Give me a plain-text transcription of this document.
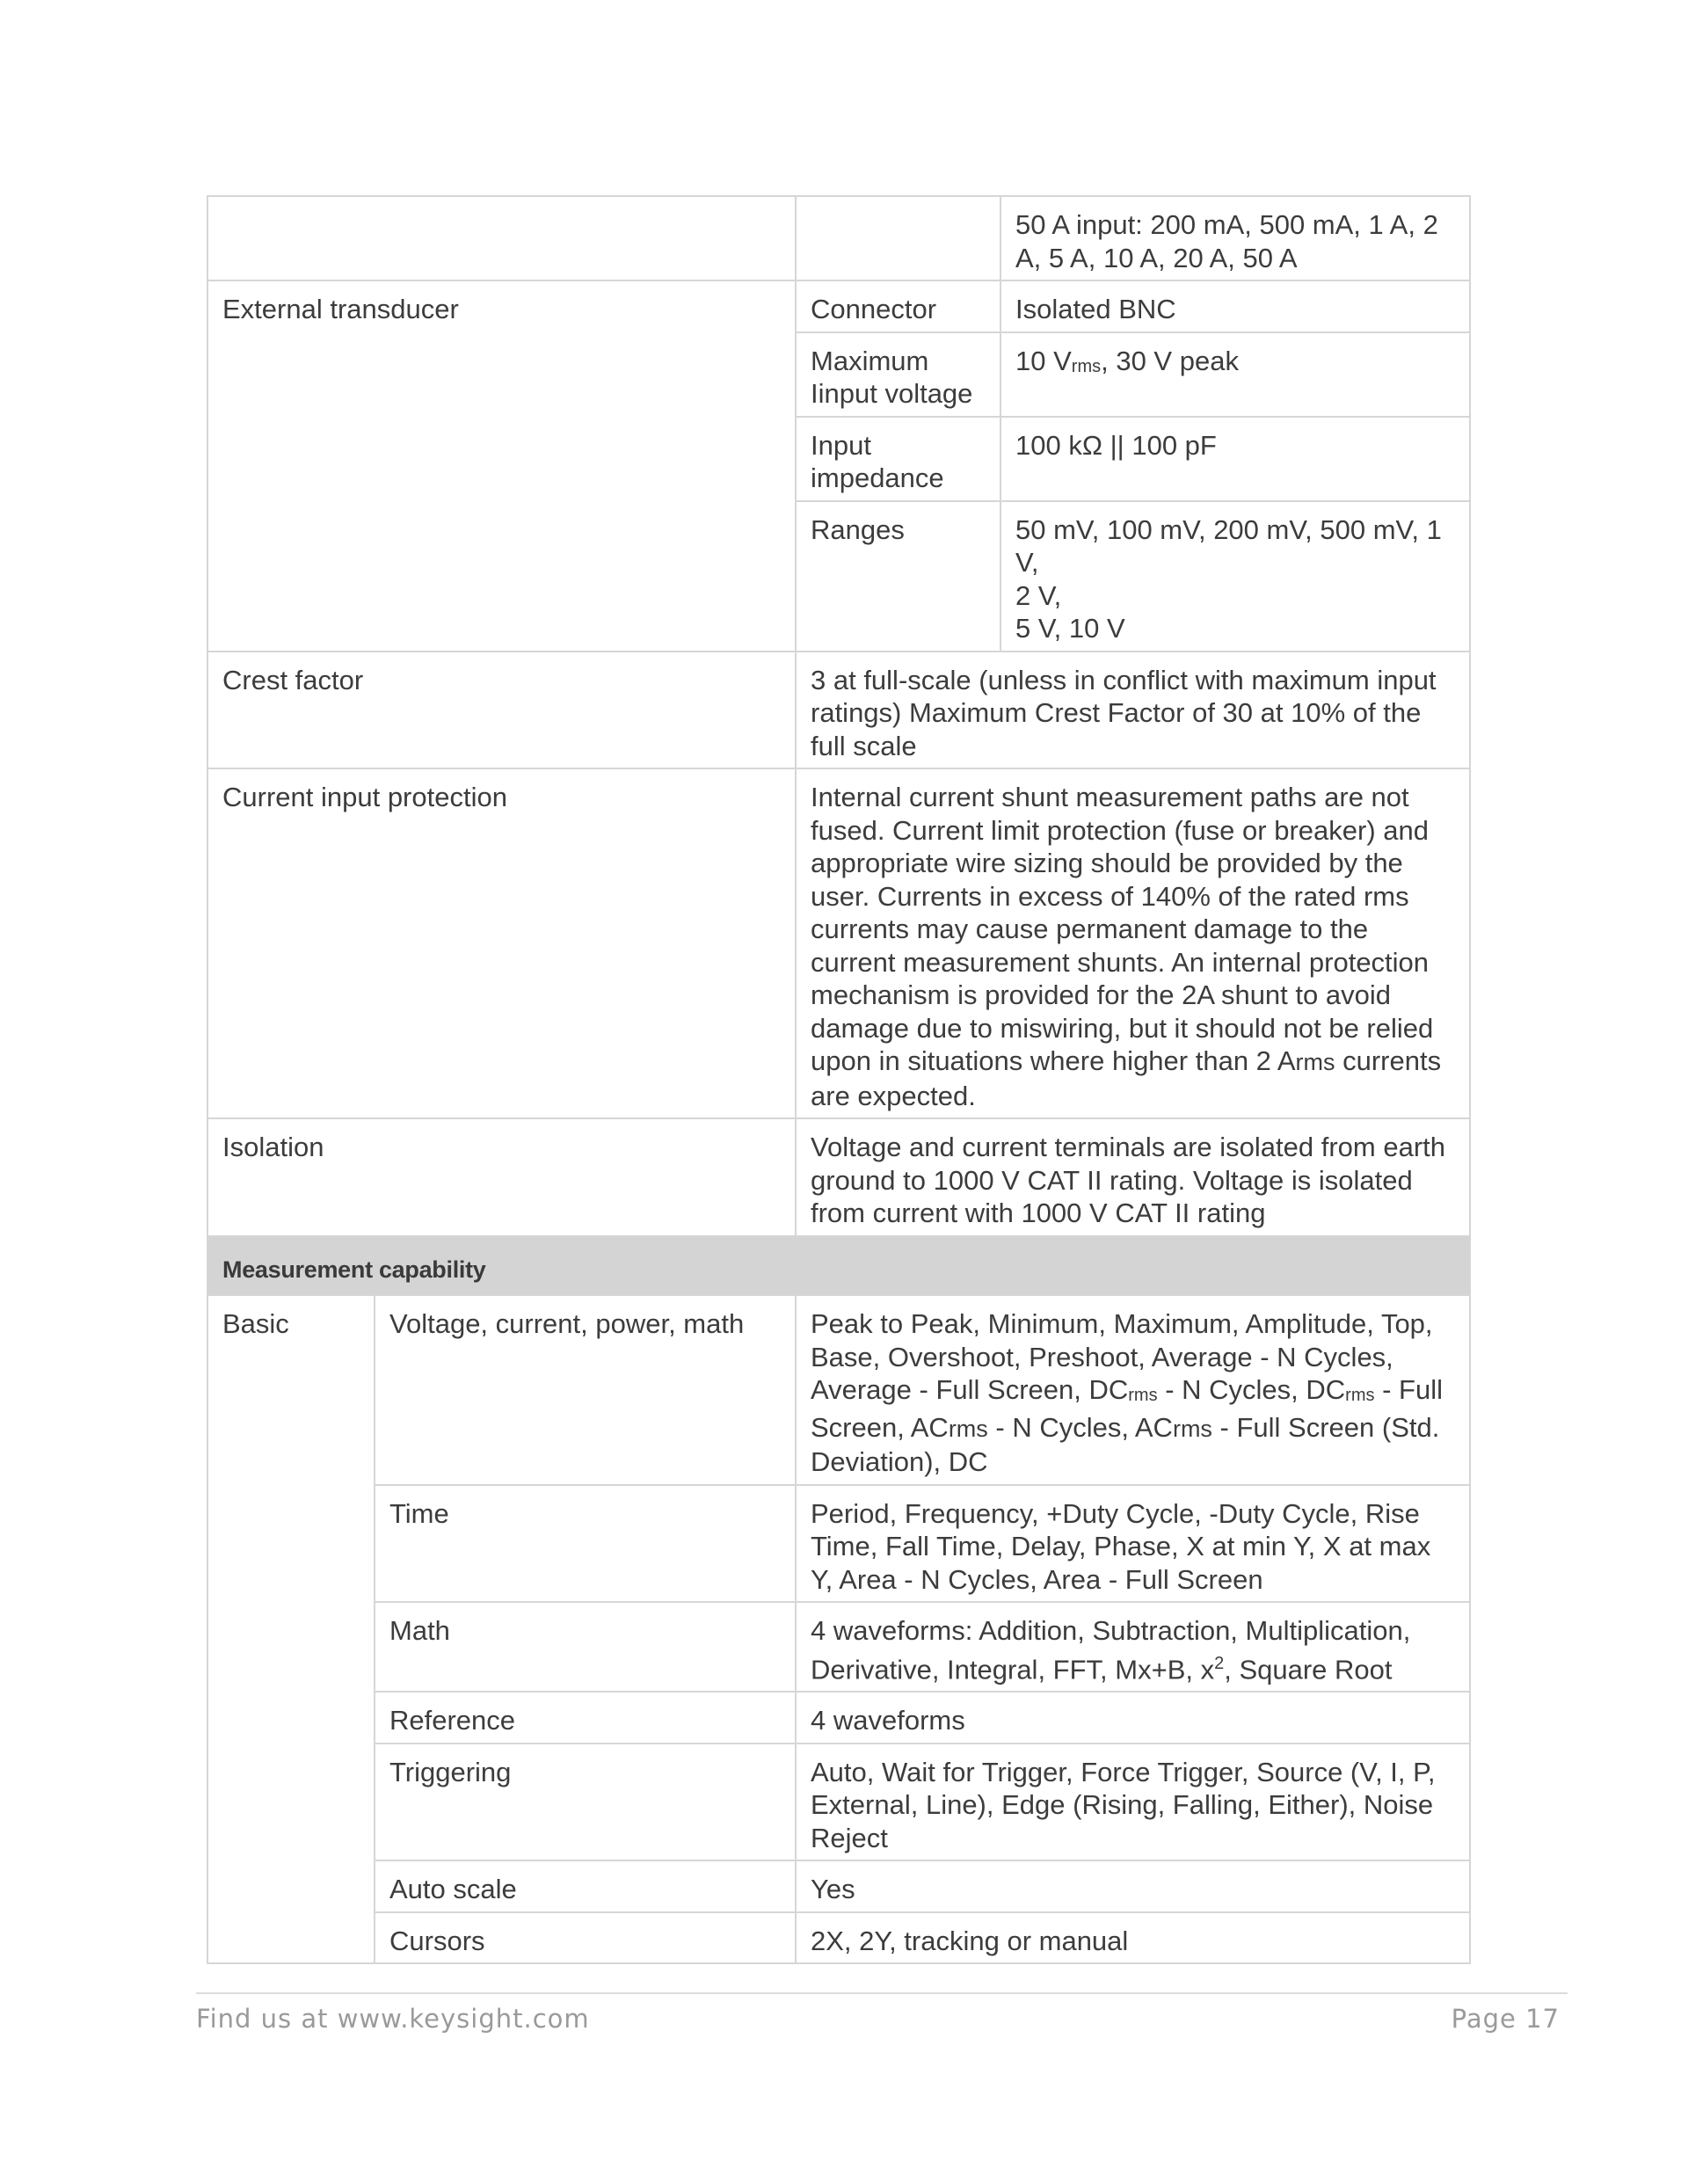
			50 A input: 200 mA, 500 mA, 1 A, 2 A, 5 A, 10 A, 20 A, 50 A
External transducer		Connector	Isolated BNC
		Maximum Iinput voltage	10 $V_{rms}$, 30 V peak
		Input impedance	100 kΩ || 100 pF
		Ranges	50 mV, 100 mV, 200 mV, 500 mV, 1 V,
2 V,
5 V, 10 V
Crest factor		3 at full-scale (unless in conflict with maximum input ratings) Maximum Crest Factor of 30 at 10% of the full scale	
Current input protection		Internal current shunt measurement paths are not fused. Current limit protection (fuse or breaker) and appropriate wire sizing should be provided by the user. Currents in excess of 140% of the rated rms currents may cause permanent damage to the current measurement shunts. An internal protection mechanism is provided for the 2A shunt to avoid damage due to miswiring, but it should not be relied upon in situations where higher than 2 Arms currents are expected.	
Isolation		Voltage and current terminals are isolated from earth ground to 1000 V CAT II rating. Voltage is isolated from current with 1000 V CAT II rating	
Measurement capability			
Basic	Voltage, current, power, math	Peak to Peak, Minimum, Maximum, Amplitude, Top, Base, Overshoot, Preshoot, Average - N Cycles, Average - Full Screen, $DC_{rms}$ - N Cycles, $DC_{rms}$ - Full Screen, ACrms - N Cycles, ACrms - Full Screen (Std. Deviation), DC	
	Time	Period, Frequency, +Duty Cycle, -Duty Cycle, Rise Time, Fall Time, Delay, Phase, X at min Y, X at max Y, Area - N Cycles, Area - Full Screen	
	Math	4 waveforms: Addition, Subtraction, Multiplication, Derivative, Integral, FFT, Mx+B, $x^2$, Square Root	
	Reference	4 waveforms	
	Triggering	Auto, Wait for Trigger, Force Trigger, Source (V, I, P, External, Line), Edge (Rising, Falling, Either), Noise Reject	
	Auto scale	Yes	
	Cursors	2X, 2Y, tracking or manual	
Find us at www.keysight.com	Page 17
